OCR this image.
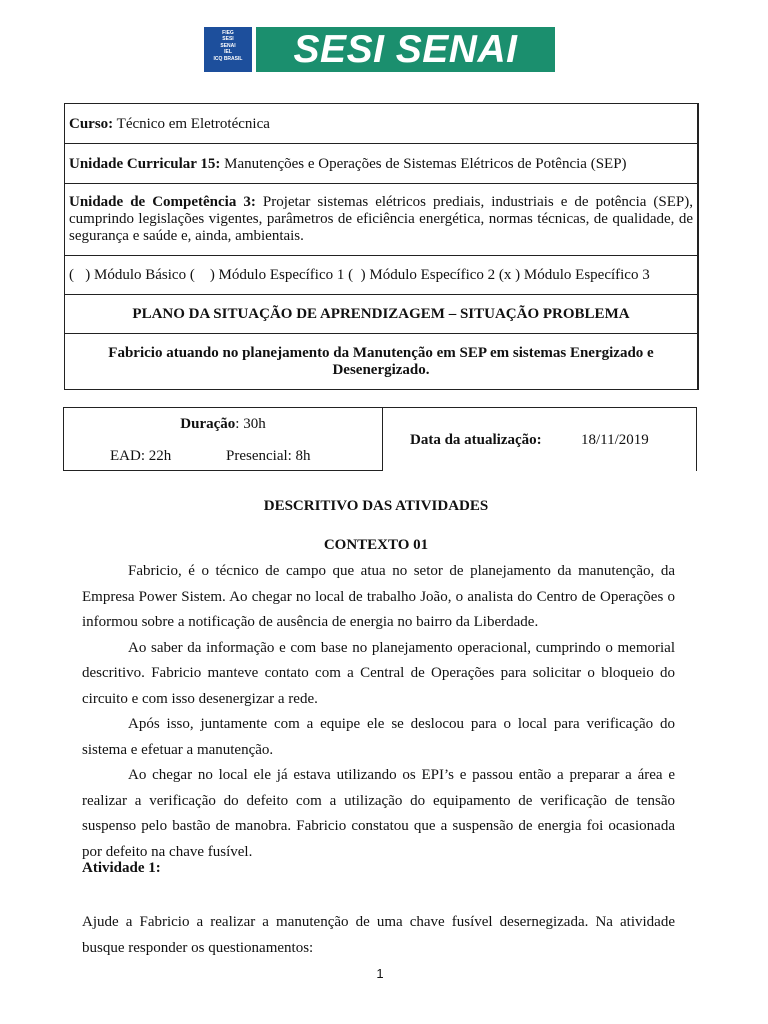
FIEG
SESI
SENAI
IEL
ICQ BRASIL	SESI SENAI
Curso: Técnico em Eletrotécnica
Unidade Curricular 15: Manutenções e Operações de Sistemas Elétricos de Potência (SEP)
Unidade de Competência 3: Projetar sistemas elétricos prediais, industriais e de potência (SEP), cumprindo legislações vigentes, parâmetros de eficiência energética, normas técnicas, de qualidade, de segurança e saúde e, ainda, ambientais.
(   ) Módulo Básico (    ) Módulo Específico 1 (  ) Módulo Específico 2 (x ) Módulo Específico 3
PLANO DA SITUAÇÃO DE APRENDIZAGEM – SITUAÇÃO PROBLEMA
Fabricio atuando no planejamento da Manutenção em SEP em sistemas Energizado e Desenergizado.
Duração: 30h
EAD: 22h	Presencial: 8h
Data da atualização:	18/11/2019
DESCRITIVO DAS ATIVIDADES
CONTEXTO 01

Fabricio, é o técnico de campo que atua no setor de planejamento da manutenção, da Empresa Power Sistem. Ao chegar no local de trabalho João, o analista do Centro de Operações o informou sobre a notificação de ausência de energia no bairro da Liberdade.

Ao saber da informação e com base no planejamento operacional, cumprindo o memorial descritivo. Fabricio manteve contato com a Central de Operações para solicitar o bloqueio do circuito e com isso desenergizar a rede.

Após isso, juntamente com a equipe ele se deslocou para o local para verificação do sistema e efetuar a manutenção.

Ao chegar no local ele já estava utilizando os EPI’s e passou então a preparar a área e realizar a verificação do defeito com a utilização do equipamento de verificação de tensão suspenso pelo bastão de manobra. Fabricio constatou que a suspensão de energia foi ocasionada por defeito na chave fusível.

Atividade 1:
Ajude a Fabricio a realizar a manutenção de uma chave fusível desernegizada. Na atividade busque responder os questionamentos:
1
